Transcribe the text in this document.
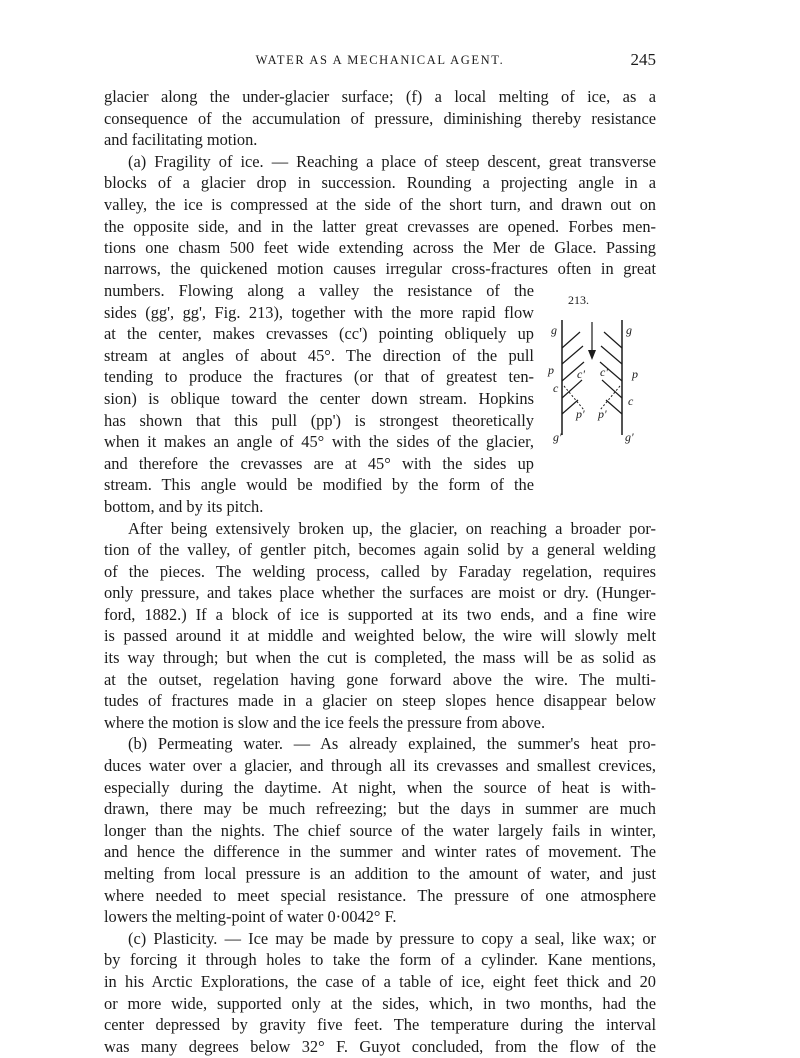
WATER AS A MECHANICAL AGENT.	245
glacier along the under-glacier surface; (f) a local melting of ice, as a
consequence of the accumulation of pressure, diminishing thereby resistance
and facilitating motion.
(a) Fragility of ice. — Reaching a place of steep descent, great transverse
blocks of a glacier drop in succession. Rounding a projecting angle in a
valley, the ice is compressed at the side of the short turn, and drawn out on
the opposite side, and in the latter great crevasses are opened. Forbes men-
tions one chasm 500 feet wide extending across the Mer de Glace. Passing
narrows, the quickened motion causes irregular cross-fractures often in great
numbers. Flowing along a valley the resistance of the
sides (gg', gg', Fig. 213), together with the more rapid flow
at the center, makes crevasses (cc') pointing obliquely up
stream at angles of about 45°. The direction of the pull
tending to produce the fractures (or that of greatest ten-
sion) is oblique toward the center down stream. Hopkins
has shown that this pull (pp') is strongest theoretically
when it makes an angle of 45° with the sides of the glacier,
and therefore the crevasses are at 45° with the sides up
stream. This angle would be modified by the form of the
bottom, and by its pitch.
After being extensively broken up, the glacier, on reaching a broader por-
tion of the valley, of gentler pitch, becomes again solid by a general welding
of the pieces. The welding process, called by Faraday regelation, requires
only pressure, and takes place whether the surfaces are moist or dry. (Hunger-
ford, 1882.) If a block of ice is supported at its two ends, and a fine wire
is passed around it at middle and weighted below, the wire will slowly melt
its way through; but when the cut is completed, the mass will be as solid as
at the outset, regelation having gone forward above the wire. The multi-
tudes of fractures made in a glacier on steep slopes hence disappear below
where the motion is slow and the ice feels the pressure from above.
(b) Permeating water. — As already explained, the summer's heat pro-
duces water over a glacier, and through all its crevasses and smallest crevices,
especially during the daytime. At night, when the source of heat is with-
drawn, there may be much refreezing; but the days in summer are much
longer than the nights. The chief source of the water largely fails in winter,
and hence the difference in the summer and winter rates of movement. The
melting from local pressure is an addition to the amount of water, and just
where needed to meet special resistance. The pressure of one atmosphere
lowers the melting-point of water 0·0042° F.
(c) Plasticity. — Ice may be made by pressure to copy a seal, like wax; or
by forcing it through holes to take the form of a cylinder. Kane mentions,
in his Arctic Explorations, the case of a table of ice, eight feet thick and 20
or more wide, supported only at the sides, which, in two months, had the
center depressed by gravity five feet. The temperature during the interval
was many degrees below 32° F. Guyot concluded, from the flow of the
213.
g	g
g'	g'
p	p
c
c
c' c'
p' p'
